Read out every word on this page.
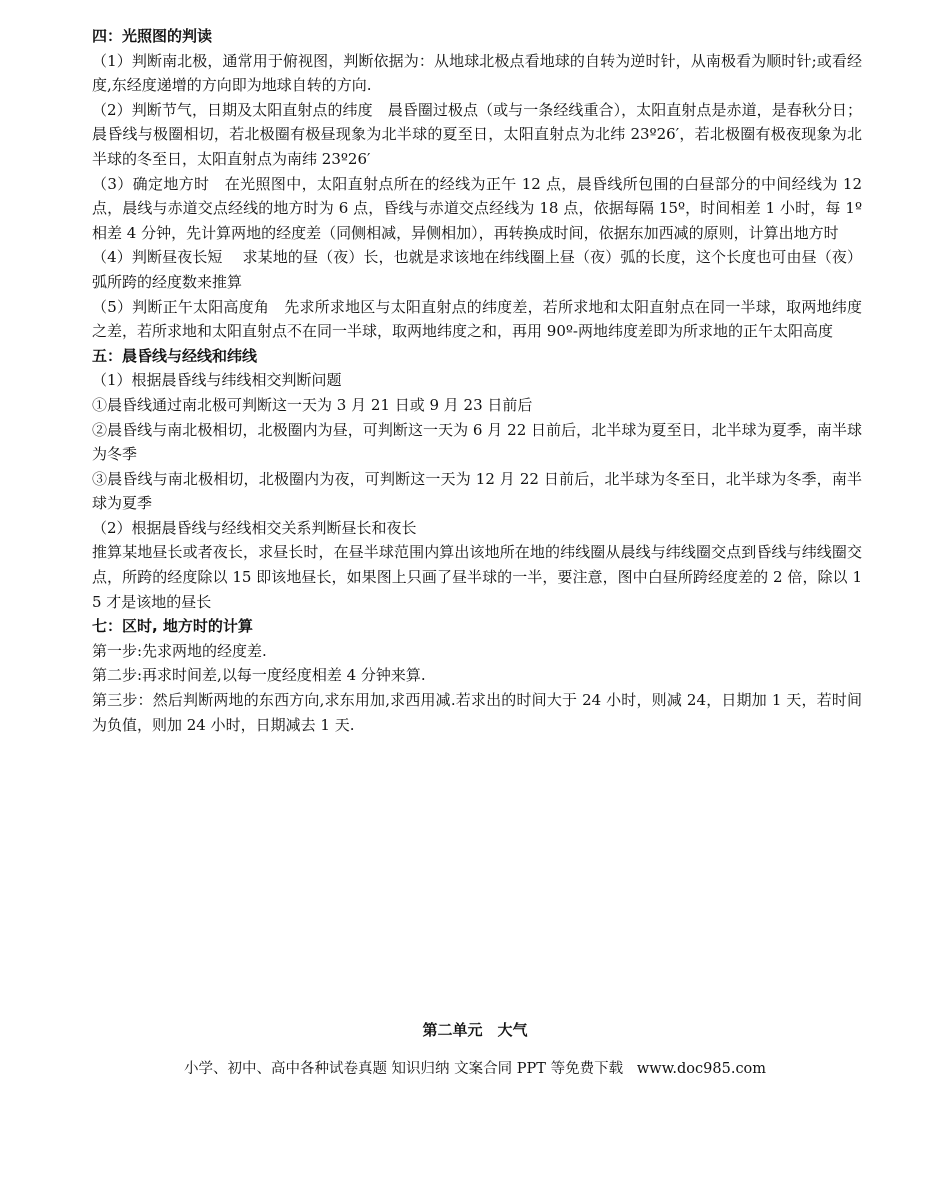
四：光照图的判读

（1）判断南北极，通常用于俯视图，判断依据为：从地球北极点看地球的自转为逆时针，从南极看为顺时针;或看经度,东经度递增的方向即为地球自转的方向.

（2）判断节气，日期及太阳直射点的纬度　晨昏圈过极点（或与一条经线重合），太阳直射点是赤道，是春秋分日；晨昏线与极圈相切，若北极圈有极昼现象为北半球的夏至日，太阳直射点为北纬 23º26′，若北极圈有极夜现象为北半球的冬至日，太阳直射点为南纬 23º26′

（3）确定地方时　在光照图中，太阳直射点所在的经线为正午 12 点，晨昏线所包围的白昼部分的中间经线为 12 点，晨线与赤道交点经线的地方时为 6 点，昏线与赤道交点经线为 18 点，依据每隔 15º，时间相差 1 小时，每 1º 相差 4 分钟，先计算两地的经度差（同侧相减，异侧相加），再转换成时间，依据东加西减的原则，计算出地方时

（4）判断昼夜长短　 求某地的昼（夜）长，也就是求该地在纬线圈上昼（夜）弧的长度，这个长度也可由昼（夜）弧所跨的经度数来推算

（5）判断正午太阳高度角　先求所求地区与太阳直射点的纬度差，若所求地和太阳直射点在同一半球，取两地纬度之差，若所求地和太阳直射点不在同一半球，取两地纬度之和，再用 90º-两地纬度差即为所求地的正午太阳高度

五：晨昏线与经线和纬线

（1）根据晨昏线与纬线相交判断问题

①晨昏线通过南北极可判断这一天为 3 月 21 日或 9 月 23 日前后

②晨昏线与南北极相切，北极圈内为昼，可判断这一天为 6 月 22 日前后，北半球为夏至日，北半球为夏季，南半球为冬季

③晨昏线与南北极相切，北极圈内为夜，可判断这一天为 12 月 22 日前后，北半球为冬至日，北半球为冬季，南半球为夏季

（2）根据晨昏线与经线相交关系判断昼长和夜长

推算某地昼长或者夜长，求昼长时，在昼半球范围内算出该地所在地的纬线圈从晨线与纬线圈交点到昏线与纬线圈交点，所跨的经度除以 15 即该地昼长，如果图上只画了昼半球的一半，要注意，图中白昼所跨经度差的 2 倍，除以 15 才是该地的昼长

七：区时, 地方时的计算

第一步:先求两地的经度差.

第二步:再求时间差,以每一度经度相差 4 分钟来算.

第三步：然后判断两地的东西方向,求东用加,求西用减.若求出的时间大于 24 小时，则减 24，日期加 1 天，若时间为负值，则加 24 小时，日期减去 1 天.

第二单元　大气
小学、初中、高中各种试卷真题 知识归纳 文案合同 PPT 等免费下载   www.doc985.com
